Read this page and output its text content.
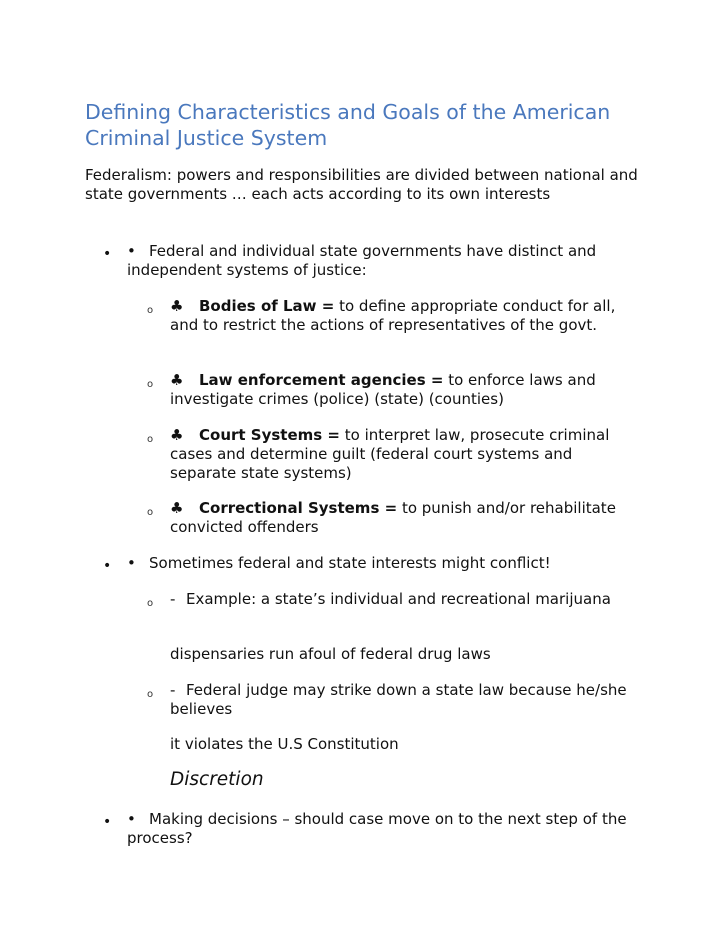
Defining Characteristics and Goals of the American Criminal Justice System

Federalism: powers and responsibilities are divided between national and state governments … each acts according to its own interests

• • Federal and individual state governments have distinct and independent systems of justice:

o ♣ Bodies of Law = to define appropriate conduct for all, and to restrict the actions of representatives of the govt.

o ♣ Law enforcement agencies = to enforce laws and investigate crimes (police) (state) (counties)

o ♣ Court Systems = to interpret law, prosecute criminal cases and determine guilt (federal court systems and separate state systems)

o ♣ Correctional Systems = to punish and/or rehabilitate convicted offenders

• • Sometimes federal and state interests might conflict!

o - Example: a state’s individual and recreational marijuana

dispensaries run afoul of federal drug laws

o - Federal judge may strike down a state law because he/she believes

it violates the U.S Constitution

Discretion

• • Making decisions – should case move on to the next step of the process?
